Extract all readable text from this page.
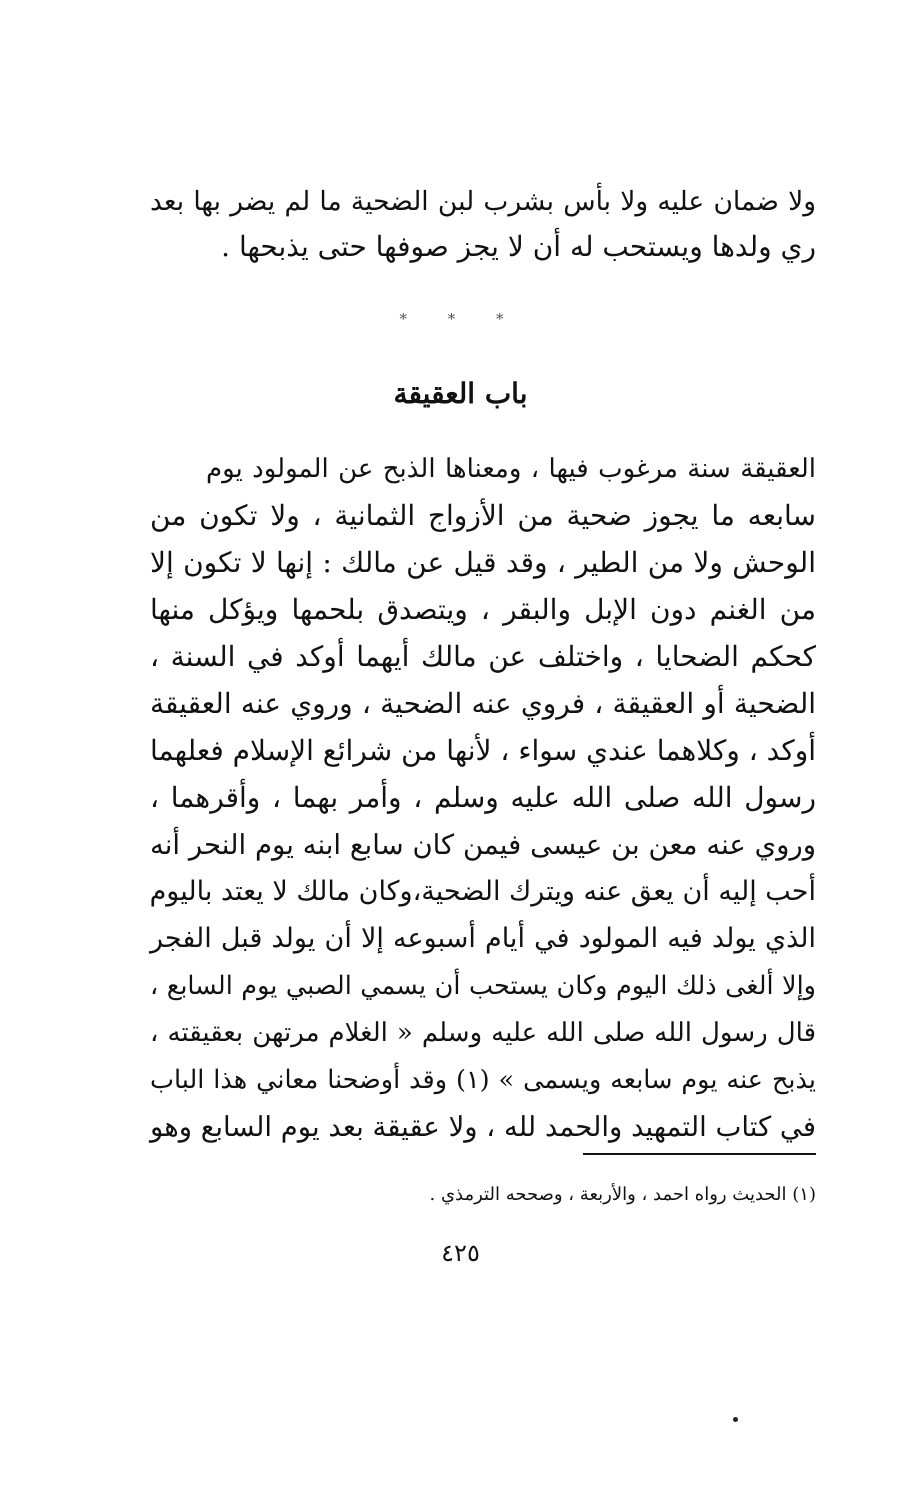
ولا ضمان عليه ولا بأس بشرب لبن الضحية ما لم يضر بها بعد
ري ولدها ويستحب له أن لا يجز صوفها حتى يذبحها .
* * *
باب العقيقة
العقيقة سنة مرغوب فيها ، ومعناها الذبح عن المولود يوم
سابعه ما يجوز ضحية من الأزواج الثمانية ، ولا تكون من
الوحش ولا من الطير ، وقد قيل عن مالك : إنها لا تكون إلا
من الغنم دون الإبل والبقر ، ويتصدق بلحمها ويؤكل منها
كحكم الضحايا ، واختلف عن مالك أيهما أوكد في السنة ،
الضحية أو العقيقة ، فروي عنه الضحية ، وروي عنه العقيقة
أوكد ، وكلاهما عندي سواء ، لأنها من شرائع الإسلام فعلهما
رسول الله صلى الله عليه وسلم ، وأمر بهما ، وأقرهما ،
وروي عنه معن بن عيسى فيمن كان سابع ابنه يوم النحر أنه
أحب إليه أن يعق عنه ويترك الضحية،وكان مالك لا يعتد باليوم
الذي يولد فيه المولود في أيام أسبوعه إلا أن يولد قبل الفجر
وإلا ألغى ذلك اليوم وكان يستحب أن يسمي الصبي يوم السابع ،
قال رسول الله صلى الله عليه وسلم « الغلام مرتهن بعقيقته ،
يذبح عنه يوم سابعه ويسمى » (١) وقد أوضحنا معاني هذا الباب
في كتاب التمهيد والحمد لله ، ولا عقيقة بعد يوم السابع وهو
(١) الحديث رواه احمد ، والأربعة ، وصححه الترمذي .
٤٢٥
